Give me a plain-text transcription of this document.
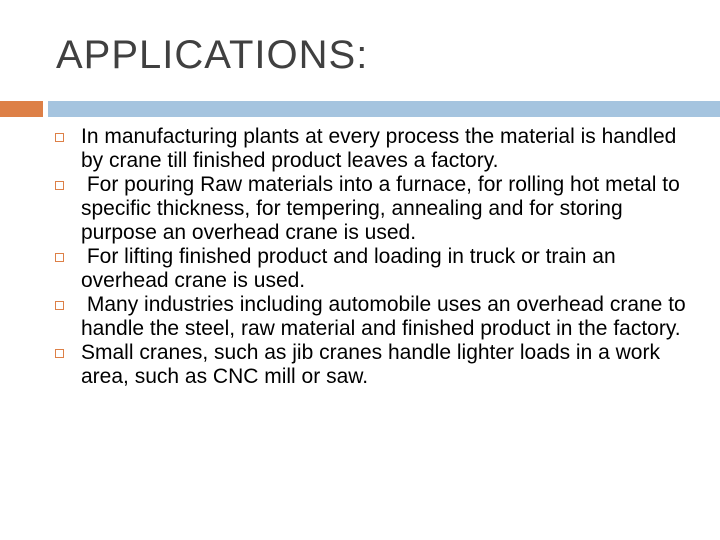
APPLICATIONS:
In manufacturing plants at every process the material is handled by crane till finished product leaves a factory.
For pouring Raw materials into a furnace, for rolling hot metal to specific thickness, for tempering, annealing and for storing purpose an overhead crane is used.
For lifting finished product and loading in truck or train an overhead crane is used.
Many industries including automobile uses an overhead crane to handle the steel, raw material and finished product in the factory.
Small cranes, such as jib cranes handle lighter loads in a work area, such as CNC mill or saw.
